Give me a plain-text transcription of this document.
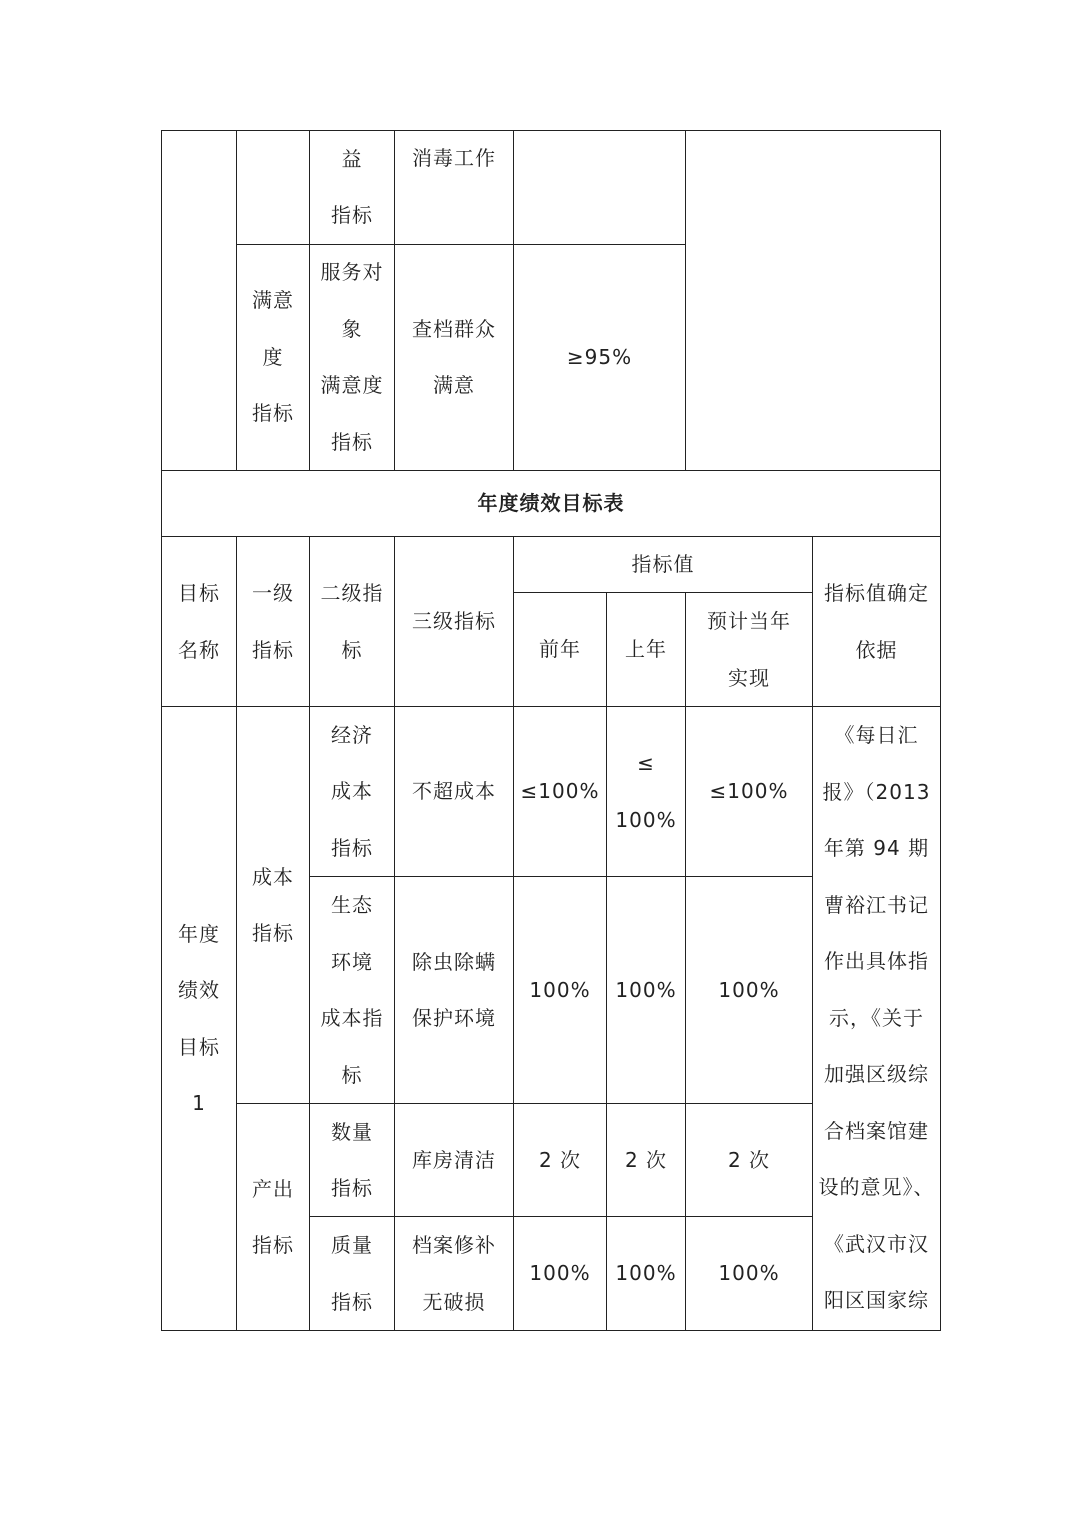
益
指标
消毒工作
满意
度
指标
服务对
象
满意度
指标
查档群众
满意
≥95%
年度绩效目标表
目标
名称
一级
指标
二级指
标
三级指标
指标值
前年 上年
预计当年
实现
指标值确定
依据
年度
绩效
目标
1
成本
指标
产出
指标
经济
成本
指标
不超成本 ≤100%
≤
100%
≤100%
生态
环境
成本指
标
除虫除螨
保护环境
100% 100% 100%
数量
指标
库房清洁 2 次 2 次	2 次
质量
指标
档案修补
无破损
100% 100% 100%
《每日汇
报》（2013
年第 94 期
曹裕江书记
作出具体指
示，《关于
加强区级综
合档案馆建
设的意见》、
《武汉市汉
阳区国家综
